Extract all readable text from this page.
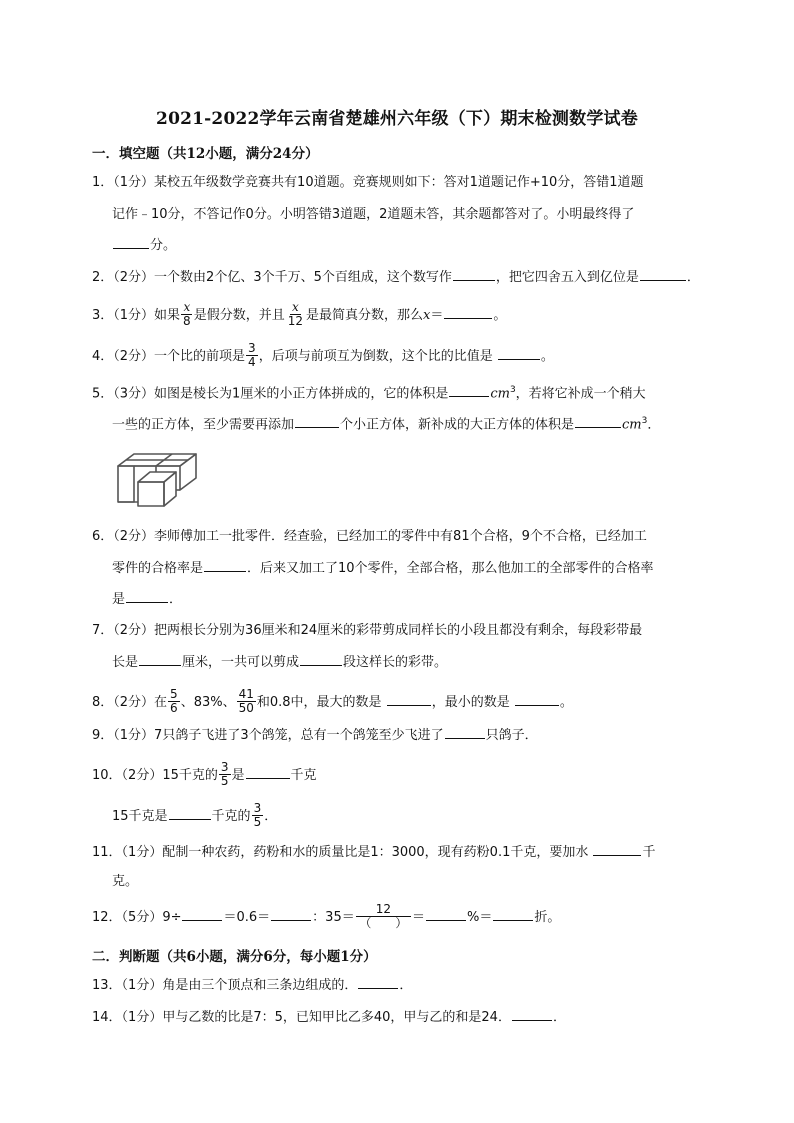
2021-2022学年云南省楚雄州六年级（下）期末检测数学试卷
一．填空题（共12小题，满分24分）
1．（1分）某校五年级数学竞赛共有10道题。竞赛规则如下：答对1道题记作+10分，答错1道题
记作﹣10分，不答记作0分。小明答错3道题，2道题未答，其余题都答对了。小明最终得了
分。
2．（2分）一个数由2个亿、3个千万、5个百组成，这个数写作	，把它四舍五入到亿位是	．
3．（1分）如果 $\frac{x}{8}$ 是假分数，并且 $\frac{x}{12}$ 是最简真分数，那么x＝	。
4．（2分）一个比的前项是 $\frac{3}{4}$ ，后项与前项互为倒数，这个比的比值是	。
5．（3分）如图是棱长为1厘米的小正方体拼成的，它的体积是	$cm^3$，若将它补成一个稍大
一些的正方体，至少需要再添加	个小正方体，新补成的大正方体的体积是	$cm^3$．
6．（2分）李师傅加工一批零件．经查验，已经加工的零件中有81个合格，9个不合格，已经加工
零件的合格率是	．后来又加工了10个零件，全部合格，那么他加工的全部零件的合格率
是	．
7．（2分）把两根长分别为36厘米和24厘米的彩带剪成同样长的小段且都没有剩余，每段彩带最
长是	厘米，一共可以剪成	段这样长的彩带。
8．（2分）在 $\frac{5}{6}$ 、83%、 $\frac{41}{50}$ 和0.8中，最大的数是	，最小的数是	。
9．（1分）7只鸽子飞进了3个鸽笼，总有一个鸽笼至少飞进了	只鸽子．
10．（2分）15千克的 $\frac{3}{5}$ 是	千克
15千克是	千克的 $\frac{3}{5}$ ．
11．（1分）配制一种农药，药粉和水的质量比是1：3000，现有药粉0.1千克，要加水	千
克。
12．（5分）9÷	＝0.6＝	：$35= \frac{12}{( )}$ ＝	%＝	折。
二．判断题（共6小题，满分6分，每小题1分）
13．（1分）角是由三个顶点和三条边组成的．	．
14．（1分）甲与乙数的比是7：5，已知甲比乙多40，甲与乙的和是24．	．
